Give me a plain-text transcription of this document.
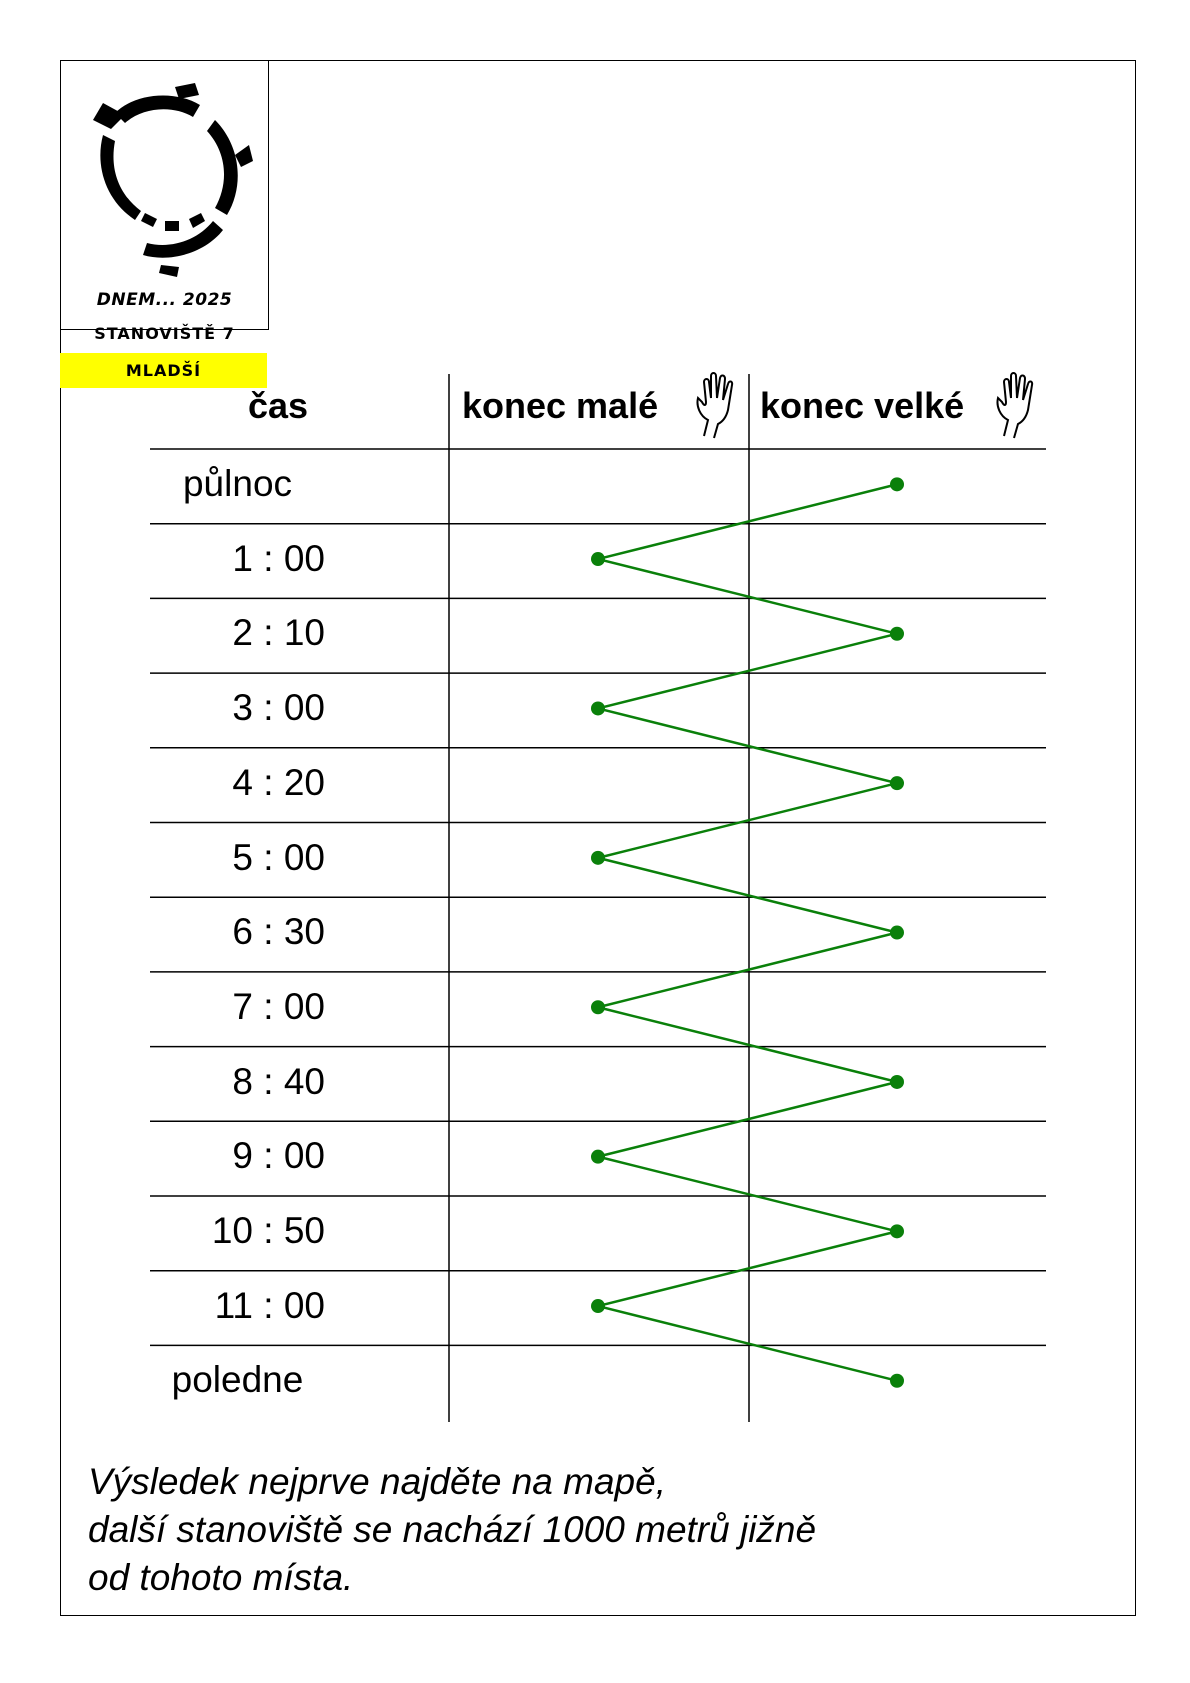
DNEM... 2025
STANOVIŠTĚ 7
MLADŠÍ
čas	konec malé	konec velké
půlnoc
1 : 00
2 : 10
3 : 00
4 : 20
5 : 00
6 : 30
7 : 00
8 : 40
9 : 00
10 : 50
11 : 00
poledne
Výsledek nejprve najděte na mapě,
další stanoviště se nachází 1000 metrů jižně
od tohoto místa.
